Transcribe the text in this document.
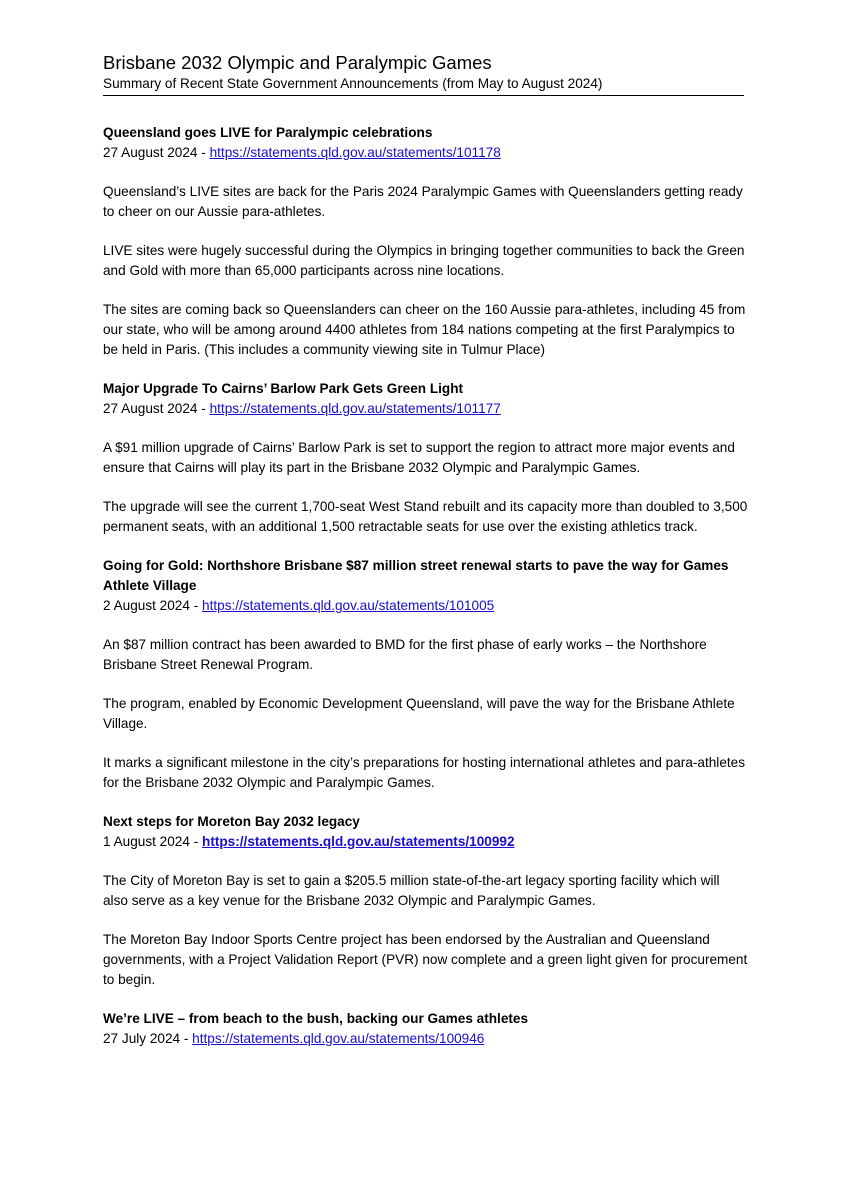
Brisbane 2032 Olympic and Paralympic Games
Summary of Recent State Government Announcements (from May to August 2024)
Queensland goes LIVE for Paralympic celebrations
27 August 2024 - https://statements.qld.gov.au/statements/101178

Queensland’s LIVE sites are back for the Paris 2024 Paralympic Games with Queenslanders getting ready to cheer on our Aussie para-athletes.

LIVE sites were hugely successful during the Olympics in bringing together communities to back the Green and Gold with more than 65,000 participants across nine locations.

The sites are coming back so Queenslanders can cheer on the 160 Aussie para-athletes, including 45 from our state, who will be among around 4400 athletes from 184 nations competing at the first Paralympics to be held in Paris. (This includes a community viewing site in Tulmur Place)

Major Upgrade To Cairns’ Barlow Park Gets Green Light
27 August 2024 - https://statements.qld.gov.au/statements/101177

A $91 million upgrade of Cairns’ Barlow Park is set to support the region to attract more major events and ensure that Cairns will play its part in the Brisbane 2032 Olympic and Paralympic Games.

The upgrade will see the current 1,700-seat West Stand rebuilt and its capacity more than doubled to 3,500 permanent seats, with an additional 1,500 retractable seats for use over the existing athletics track.

Going for Gold: Northshore Brisbane $87 million street renewal starts to pave the way for Games Athlete Village
2 August 2024 - https://statements.qld.gov.au/statements/101005

An $87 million contract has been awarded to BMD for the first phase of early works – the Northshore Brisbane Street Renewal Program.

The program, enabled by Economic Development Queensland, will pave the way for the Brisbane Athlete Village.

It marks a significant milestone in the city’s preparations for hosting international athletes and para-athletes for the Brisbane 2032 Olympic and Paralympic Games.

Next steps for Moreton Bay 2032 legacy
1 August 2024 - https://statements.qld.gov.au/statements/100992

The City of Moreton Bay is set to gain a $205.5 million state-of-the-art legacy sporting facility which will also serve as a key venue for the Brisbane 2032 Olympic and Paralympic Games.

The Moreton Bay Indoor Sports Centre project has been endorsed by the Australian and Queensland governments, with a Project Validation Report (PVR) now complete and a green light given for procurement to begin.

We’re LIVE – from beach to the bush, backing our Games athletes
27 July 2024 - https://statements.qld.gov.au/statements/100946
